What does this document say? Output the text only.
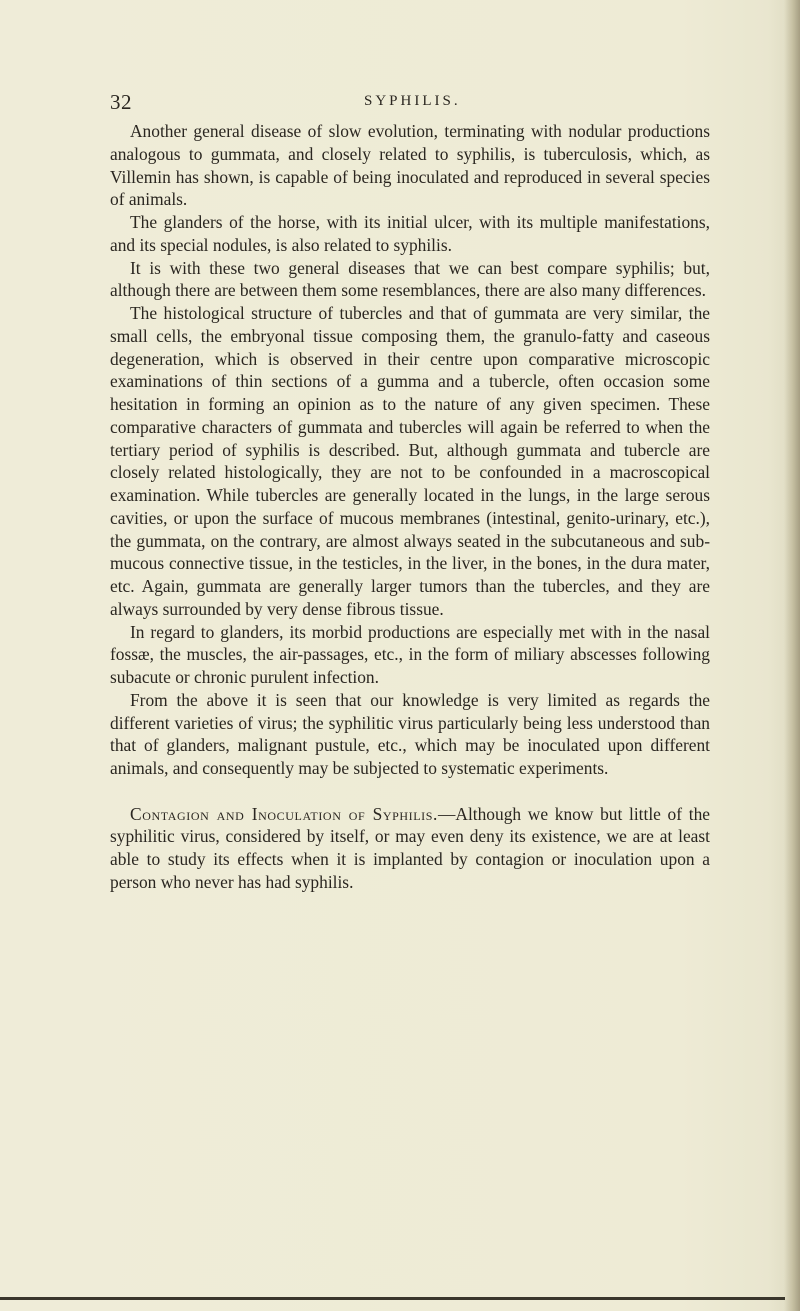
32	SYPHILIS.

Another general disease of slow evolution, terminating with nodular productions analogous to gummata, and closely related to syphilis, is tuberculosis, which, as Villemin has shown, is capable of being inoculated and reproduced in several species of animals.

The glanders of the horse, with its initial ulcer, with its multiple manifestations, and its special nodules, is also related to syphilis.

It is with these two general diseases that we can best compare syphilis; but, although there are between them some resemblances, there are also many differences.

The histological structure of tubercles and that of gummata are very similar, the small cells, the embryonal tissue composing them, the granulo-fatty and caseous degeneration, which is observed in their centre upon comparative microscopic examinations of thin sections of a gumma and a tubercle, often occasion some hesitation in forming an opinion as to the nature of any given specimen. These comparative characters of gummata and tubercles will again be referred to when the tertiary period of syphilis is described. But, although gummata and tubercle are closely related histologically, they are not to be confounded in a macroscopical examination. While tubercles are generally located in the lungs, in the large serous cavities, or upon the surface of mucous membranes (intestinal, genito-urinary, etc.), the gummata, on the contrary, are almost always seated in the subcutaneous and sub-mucous connective tissue, in the testicles, in the liver, in the bones, in the dura mater, etc. Again, gummata are generally larger tumors than the tubercles, and they are always surrounded by very dense fibrous tissue.

In regard to glanders, its morbid productions are especially met with in the nasal fossæ, the muscles, the air-passages, etc., in the form of miliary abscesses following subacute or chronic purulent infection.

From the above it is seen that our knowledge is very limited as regards the different varieties of virus; the syphilitic virus particularly being less understood than that of glanders, malignant pustule, etc., which may be inoculated upon different animals, and consequently may be subjected to systematic experiments.

Contagion and Inoculation of Syphilis.—Although we know but little of the syphilitic virus, considered by itself, or may even deny its existence, we are at least able to study its effects when it is implanted by contagion or inoculation upon a person who never has had syphilis.
